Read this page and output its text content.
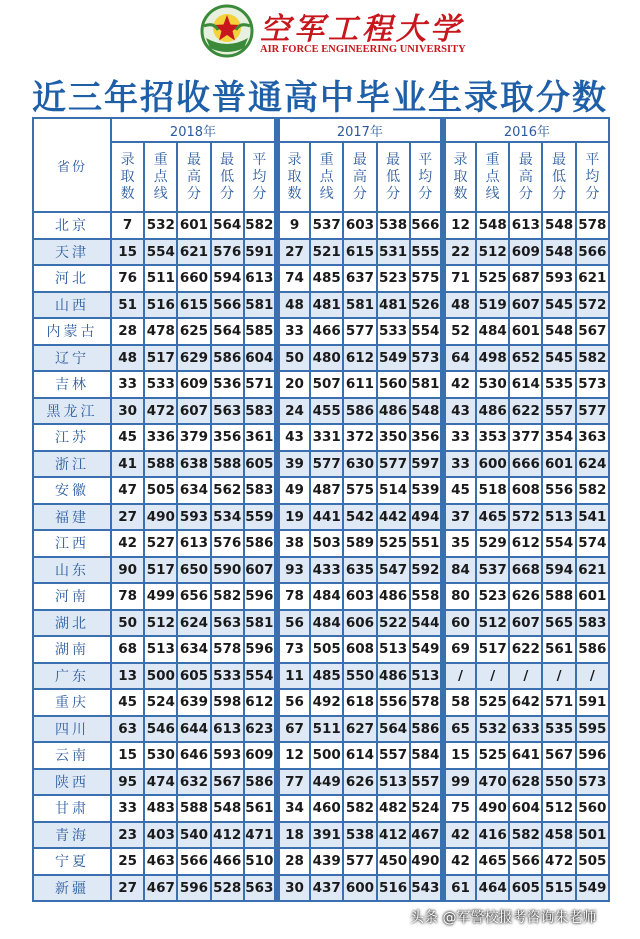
空军工程大学
AIR FORCE ENGINEERING UNIVERSITY
近三年招收普通高中毕业生录取分数
省份	2018年					2017年					2016年				
	录取数	重点线	最高分	最低分	平均分	录取数	重点线	最高分	最低分	平均分	录取数	重点线	最高分	最低分	平均分
北京	7	532	601	564	582	9	537	603	538	566	12	548	613	548	578
天津	15	554	621	576	591	27	521	615	531	555	22	512	609	548	566
河北	76	511	660	594	613	74	485	637	523	575	71	525	687	593	621
山西	51	516	615	566	581	48	481	581	481	526	48	519	607	545	572
内蒙古	28	478	625	564	585	33	466	577	533	554	52	484	601	548	567
辽宁	48	517	629	586	604	50	480	612	549	573	64	498	652	545	582
吉林	33	533	609	536	571	20	507	611	560	581	42	530	614	535	573
黑龙江	30	472	607	563	583	24	455	586	486	548	43	486	622	557	577
江苏	45	336	379	356	361	43	331	372	350	356	33	353	377	354	363
浙江	41	588	638	588	605	39	577	630	577	597	33	600	666	601	624
安徽	47	505	634	562	583	49	487	575	514	539	45	518	608	556	582
福建	27	490	593	534	559	19	441	542	442	494	37	465	572	513	541
江西	42	527	613	576	586	38	503	589	525	551	35	529	612	554	574
山东	90	517	650	590	607	93	433	635	547	592	84	537	668	594	621
河南	78	499	656	582	596	78	484	603	486	558	80	523	626	588	601
湖北	50	512	624	563	581	56	484	606	522	544	60	512	607	565	583
湖南	68	513	634	578	596	73	505	608	513	549	69	517	622	561	586
广东	13	500	605	533	554	11	485	550	486	513	/	/	/	/	/
重庆	45	524	639	598	612	56	492	618	556	578	58	525	642	571	591
四川	63	546	644	613	623	67	511	627	564	586	65	532	633	535	595
云南	15	530	646	593	609	12	500	614	557	584	15	525	641	567	596
陕西	95	474	632	567	586	77	449	626	513	557	99	470	628	550	573
甘肃	33	483	588	548	561	34	460	582	482	524	75	490	604	512	560
青海	23	403	540	412	471	18	391	538	412	467	42	416	582	458	501
宁夏	25	463	566	466	510	28	439	577	450	490	42	465	566	472	505
新疆	27	467	596	528	563	30	437	600	516	543	61	464	605	515	549
头条 @军警校报考咨询朱老师
